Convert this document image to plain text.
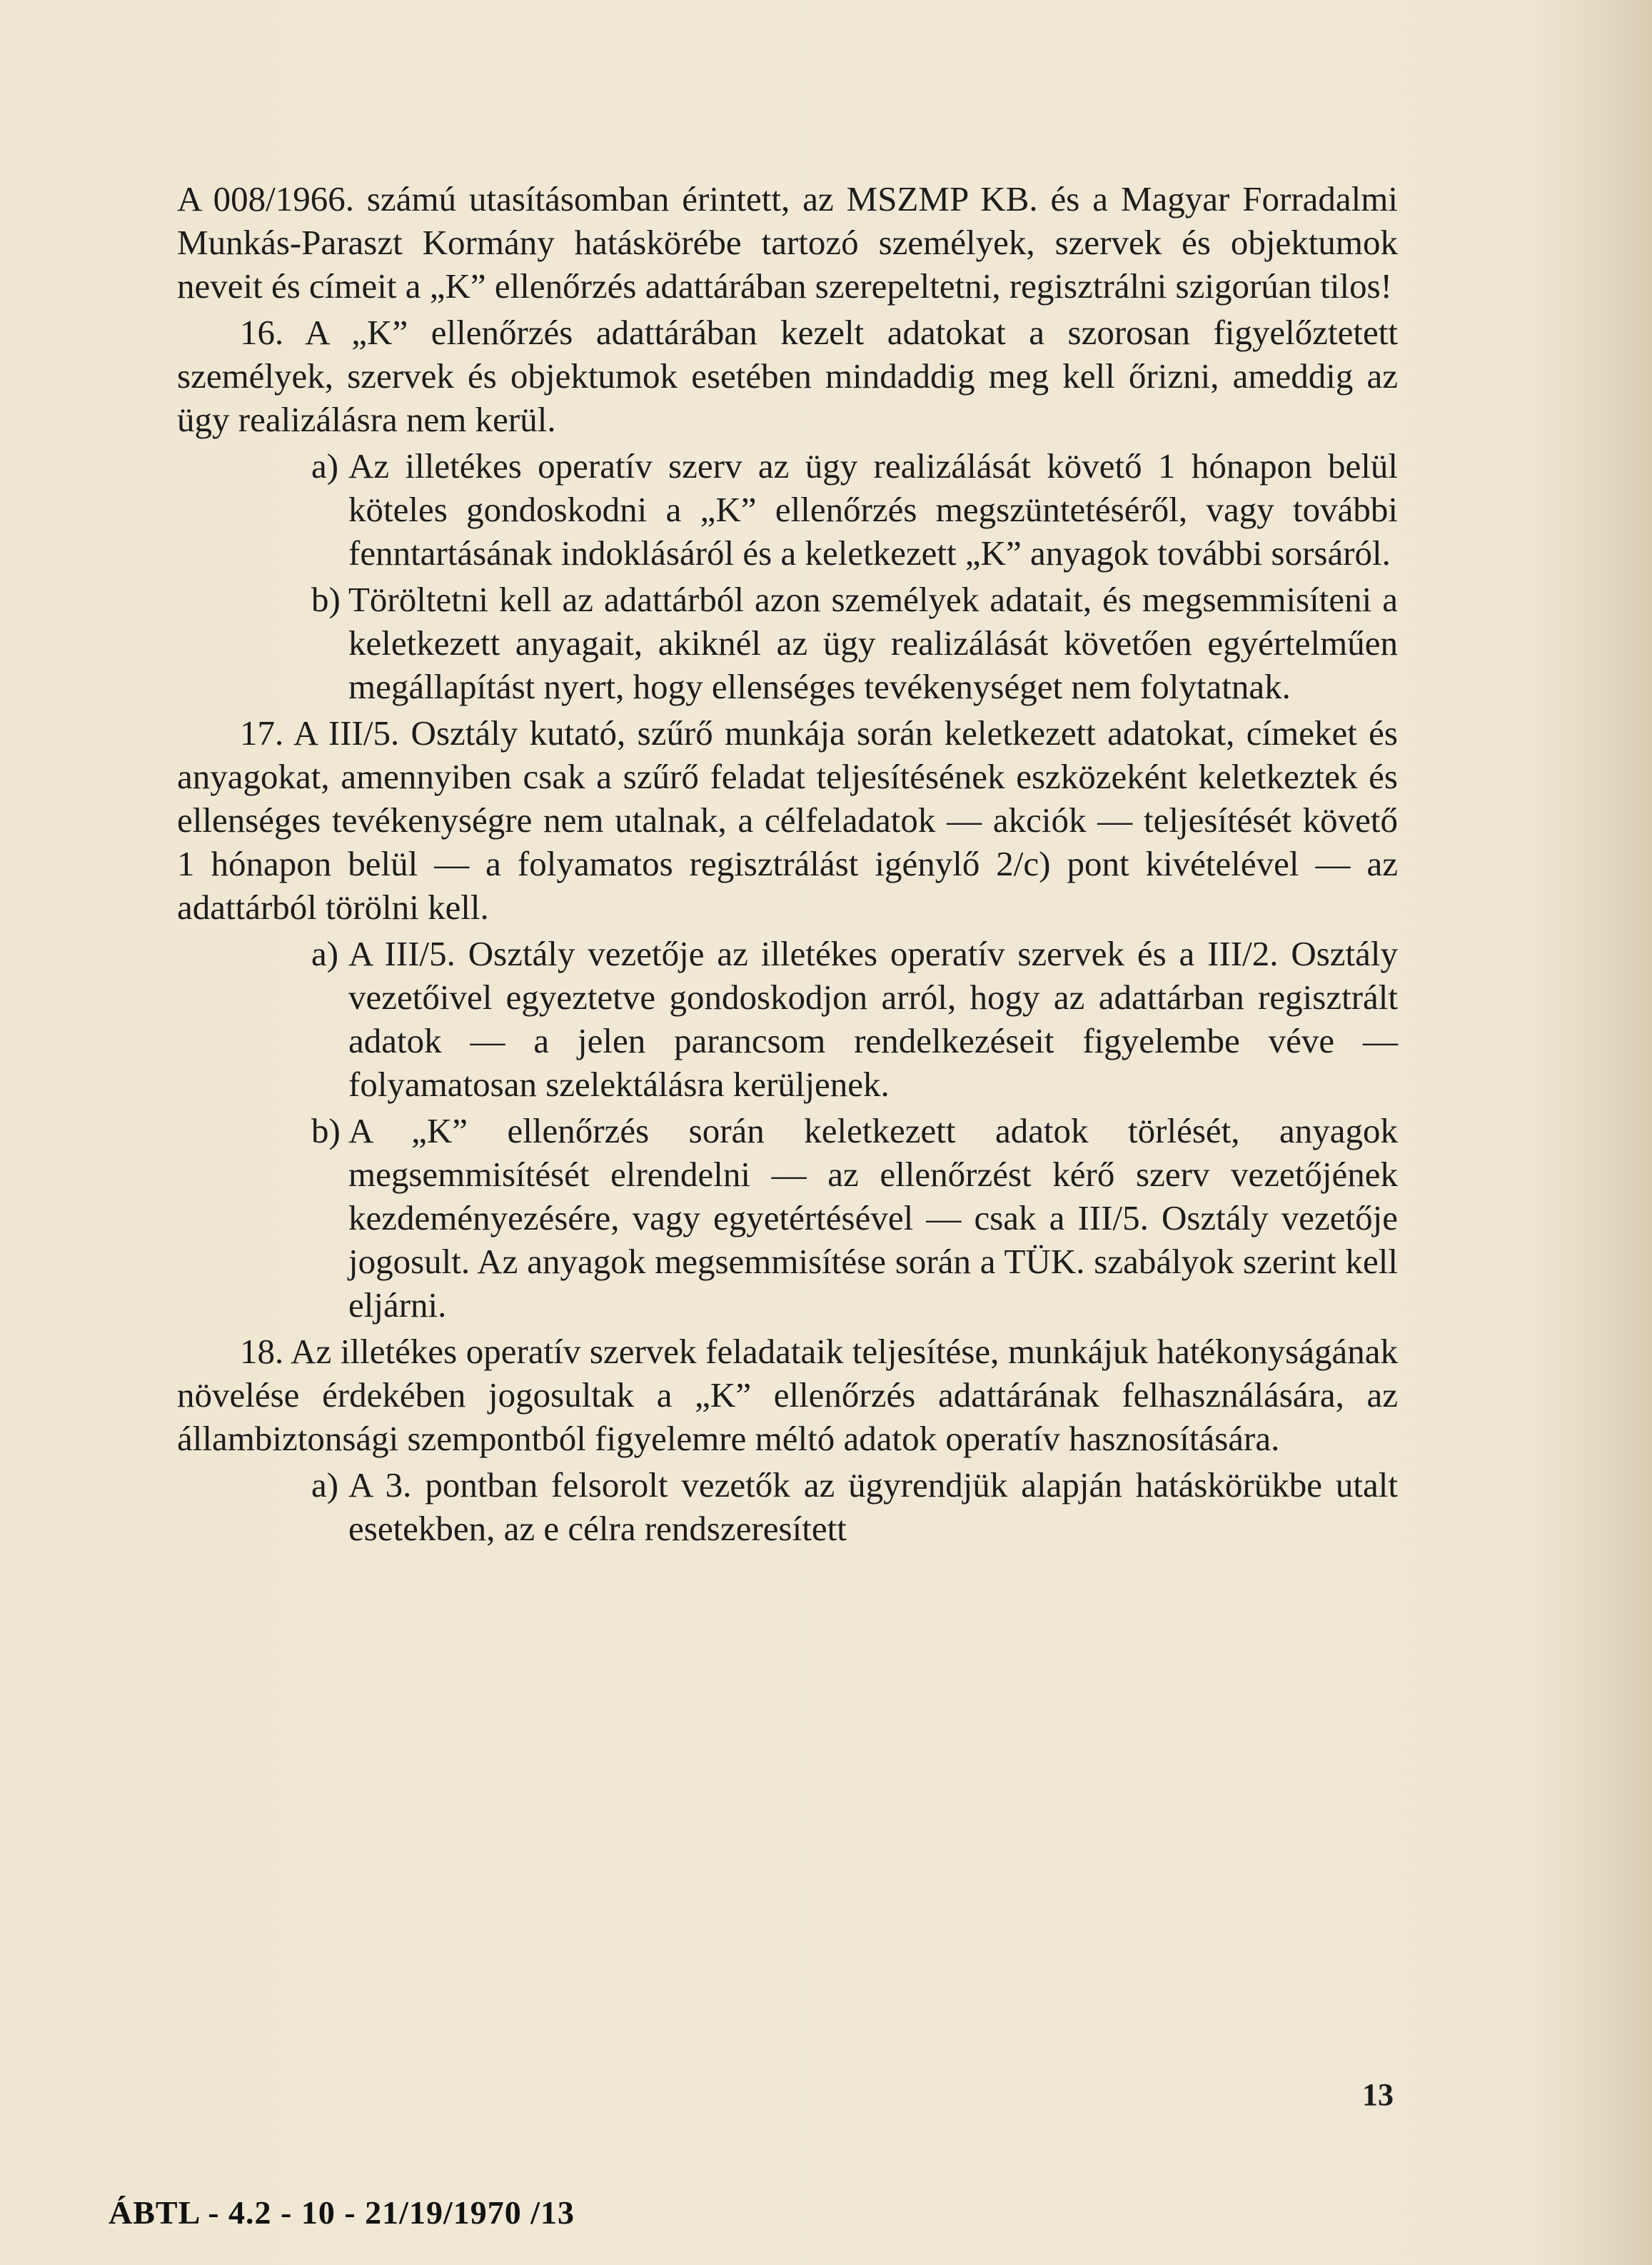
A 008/1966. számú utasításomban érintett, az MSZMP KB. és a Magyar Forradalmi Munkás-Paraszt Kormány hatáskörébe tartozó személyek, szervek és objektumok neveit és címeit a „K” ellenőrzés adattárában szerepeltetni, regisztrálni szigorúan tilos!

16. A „K” ellenőrzés adattárában kezelt adatokat a szorosan figyelőztetett személyek, szervek és objektumok esetében mindaddig meg kell őrizni, ameddig az ügy realizálásra nem kerül.

a) Az illetékes operatív szerv az ügy realizálását követő 1 hónapon belül köteles gondoskodni a „K” ellenőrzés megszüntetéséről, vagy további fenntartásának indoklásáról és a keletkezett „K” anyagok további sorsáról.

b) Töröltetni kell az adattárból azon személyek adatait, és megsemmisíteni a keletkezett anyagait, akiknél az ügy realizálását követően egyértelműen megállapítást nyert, hogy ellenséges tevékenységet nem folytatnak.

17. A III/5. Osztály kutató, szűrő munkája során keletkezett adatokat, címeket és anyagokat, amennyiben csak a szűrő feladat teljesítésének eszközeként keletkeztek és ellenséges tevékenységre nem utalnak, a célfeladatok — akciók — teljesítését követő 1 hónapon belül — a folyamatos regisztrálást igénylő 2/c) pont kivételével — az adattárból törölni kell.

a) A III/5. Osztály vezetője az illetékes operatív szervek és a III/2. Osztály vezetőivel egyeztetve gondoskodjon arról, hogy az adattárban regisztrált adatok — a jelen parancsom rendelkezéseit figyelembe véve — folyamatosan szelektálásra kerüljenek.

b) A „K” ellenőrzés során keletkezett adatok törlését, anyagok megsemmisítését elrendelni — az ellenőrzést kérő szerv vezetőjének kezdeményezésére, vagy egyetértésével — csak a III/5. Osztály vezetője jogosult. Az anyagok megsemmisítése során a TÜK. szabályok szerint kell eljárni.

18. Az illetékes operatív szervek feladataik teljesítése, munkájuk hatékonyságának növelése érdekében jogosultak a „K” ellenőrzés adattárának felhasználására, az állambiztonsági szempontból figyelemre méltó adatok operatív hasznosítására.

a) A 3. pontban felsorolt vezetők az ügyrendjük alapján hatáskörükbe utalt esetekben, az e célra rendszeresített

13
ÁBTL - 4.2 - 10 - 21/19/1970 /13
